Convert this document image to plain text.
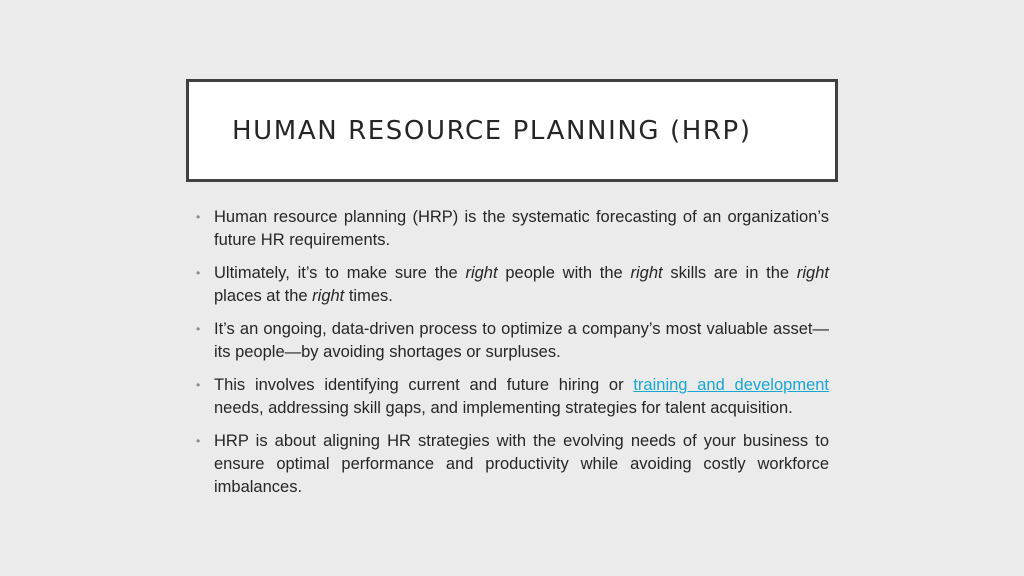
HUMAN RESOURCE PLANNING (HRP)
• Human resource planning (HRP) is the systematic forecasting of an organization’s future HR requirements.
• Ultimately, it’s to make sure the right people with the right skills are in the right places at the right times.
• It’s an ongoing, data-driven process to optimize a company’s most valuable asset—its people—by avoiding shortages or surpluses.
• This involves identifying current and future hiring or training and development needs, addressing skill gaps, and implementing strategies for talent acquisition.
• HRP is about aligning HR strategies with the evolving needs of your business to ensure optimal performance and productivity while avoiding costly workforce imbalances.
